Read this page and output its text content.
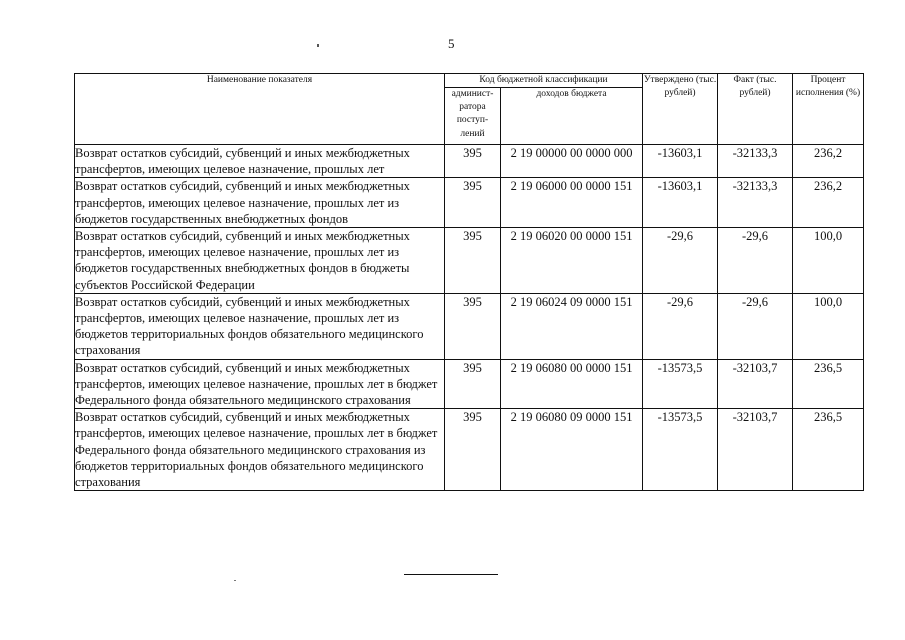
5
Наименование показателя	Код бюджетной классификации		Утверждено (тыс. рублей)	Факт (тыс. рублей)	Процент исполнения (%)
	админист-ратора поступ-лений	доходов бюджета			
Возврат остатков субсидий, субвенций и иных межбюджетных трансфертов, имеющих целевое назначение, прошлых лет	395	2 19 00000 00 0000 000	-13603,1	-32133,3	236,2
Возврат остатков субсидий, субвенций и иных межбюджетных трансфертов, имеющих целевое назначение, прошлых лет из бюджетов государственных внебюджетных фондов	395	2 19 06000 00 0000 151	-13603,1	-32133,3	236,2
Возврат остатков субсидий, субвенций и иных межбюджетных трансфертов, имеющих целевое назначение, прошлых лет из бюджетов государственных внебюджетных фондов в бюджеты субъектов Российской Федерации	395	2 19 06020 00 0000 151	-29,6	-29,6	100,0
Возврат остатков субсидий, субвенций и иных межбюджетных трансфертов, имеющих целевое назначение, прошлых лет из бюджетов территориальных фондов обязательного медицинского страхования	395	2 19 06024 09 0000 151	-29,6	-29,6	100,0
Возврат остатков субсидий, субвенций и иных межбюджетных трансфертов, имеющих целевое назначение, прошлых лет в бюджет Федерального фонда обязательного медицинского страхования	395	2 19 06080 00 0000 151	-13573,5	-32103,7	236,5
Возврат остатков субсидий, субвенций и иных межбюджетных трансфертов, имеющих целевое назначение, прошлых лет в бюджет Федерального фонда обязательного медицинского страхования из бюджетов территориальных фондов обязательного медицинского страхования	395	2 19 06080 09 0000 151	-13573,5	-32103,7	236,5
